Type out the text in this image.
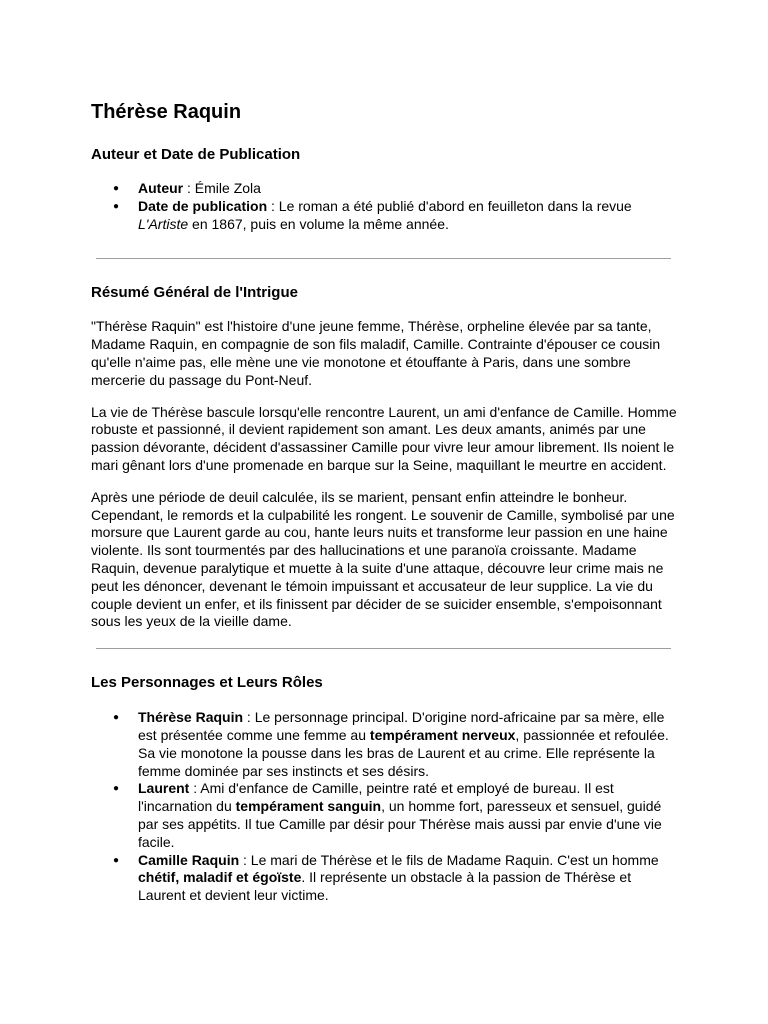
Thérèse Raquin
Auteur et Date de Publication
● Auteur : Émile Zola
● Date de publication : Le roman a été publié d'abord en feuilleton dans la revue L'Artiste en 1867, puis en volume la même année.
Résumé Général de l'Intrigue

"Thérèse Raquin" est l'histoire d'une jeune femme, Thérèse, orpheline élevée par sa tante, Madame Raquin, en compagnie de son fils maladif, Camille. Contrainte d'épouser ce cousin qu'elle n'aime pas, elle mène une vie monotone et étouffante à Paris, dans une sombre mercerie du passage du Pont-Neuf.

La vie de Thérèse bascule lorsqu'elle rencontre Laurent, un ami d'enfance de Camille. Homme robuste et passionné, il devient rapidement son amant. Les deux amants, animés par une passion dévorante, décident d'assassiner Camille pour vivre leur amour librement. Ils noient le mari gênant lors d'une promenade en barque sur la Seine, maquillant le meurtre en accident.

Après une période de deuil calculée, ils se marient, pensant enfin atteindre le bonheur. Cependant, le remords et la culpabilité les rongent. Le souvenir de Camille, symbolisé par une morsure que Laurent garde au cou, hante leurs nuits et transforme leur passion en une haine violente. Ils sont tourmentés par des hallucinations et une paranoïa croissante. Madame Raquin, devenue paralytique et muette à la suite d'une attaque, découvre leur crime mais ne peut les dénoncer, devenant le témoin impuissant et accusateur de leur supplice. La vie du couple devient un enfer, et ils finissent par décider de se suicider ensemble, s'empoisonnant sous les yeux de la vieille dame.

Les Personnages et Leurs Rôles
● Thérèse Raquin : Le personnage principal. D'origine nord-africaine par sa mère, elle est présentée comme une femme au tempérament nerveux, passionnée et refoulée. Sa vie monotone la pousse dans les bras de Laurent et au crime. Elle représente la femme dominée par ses instincts et ses désirs.
● Laurent : Ami d'enfance de Camille, peintre raté et employé de bureau. Il est l'incarnation du tempérament sanguin, un homme fort, paresseux et sensuel, guidé par ses appétits. Il tue Camille par désir pour Thérèse mais aussi par envie d'une vie facile.
● Camille Raquin : Le mari de Thérèse et le fils de Madame Raquin. C'est un homme chétif, maladif et égoïste. Il représente un obstacle à la passion de Thérèse et Laurent et devient leur victime.
